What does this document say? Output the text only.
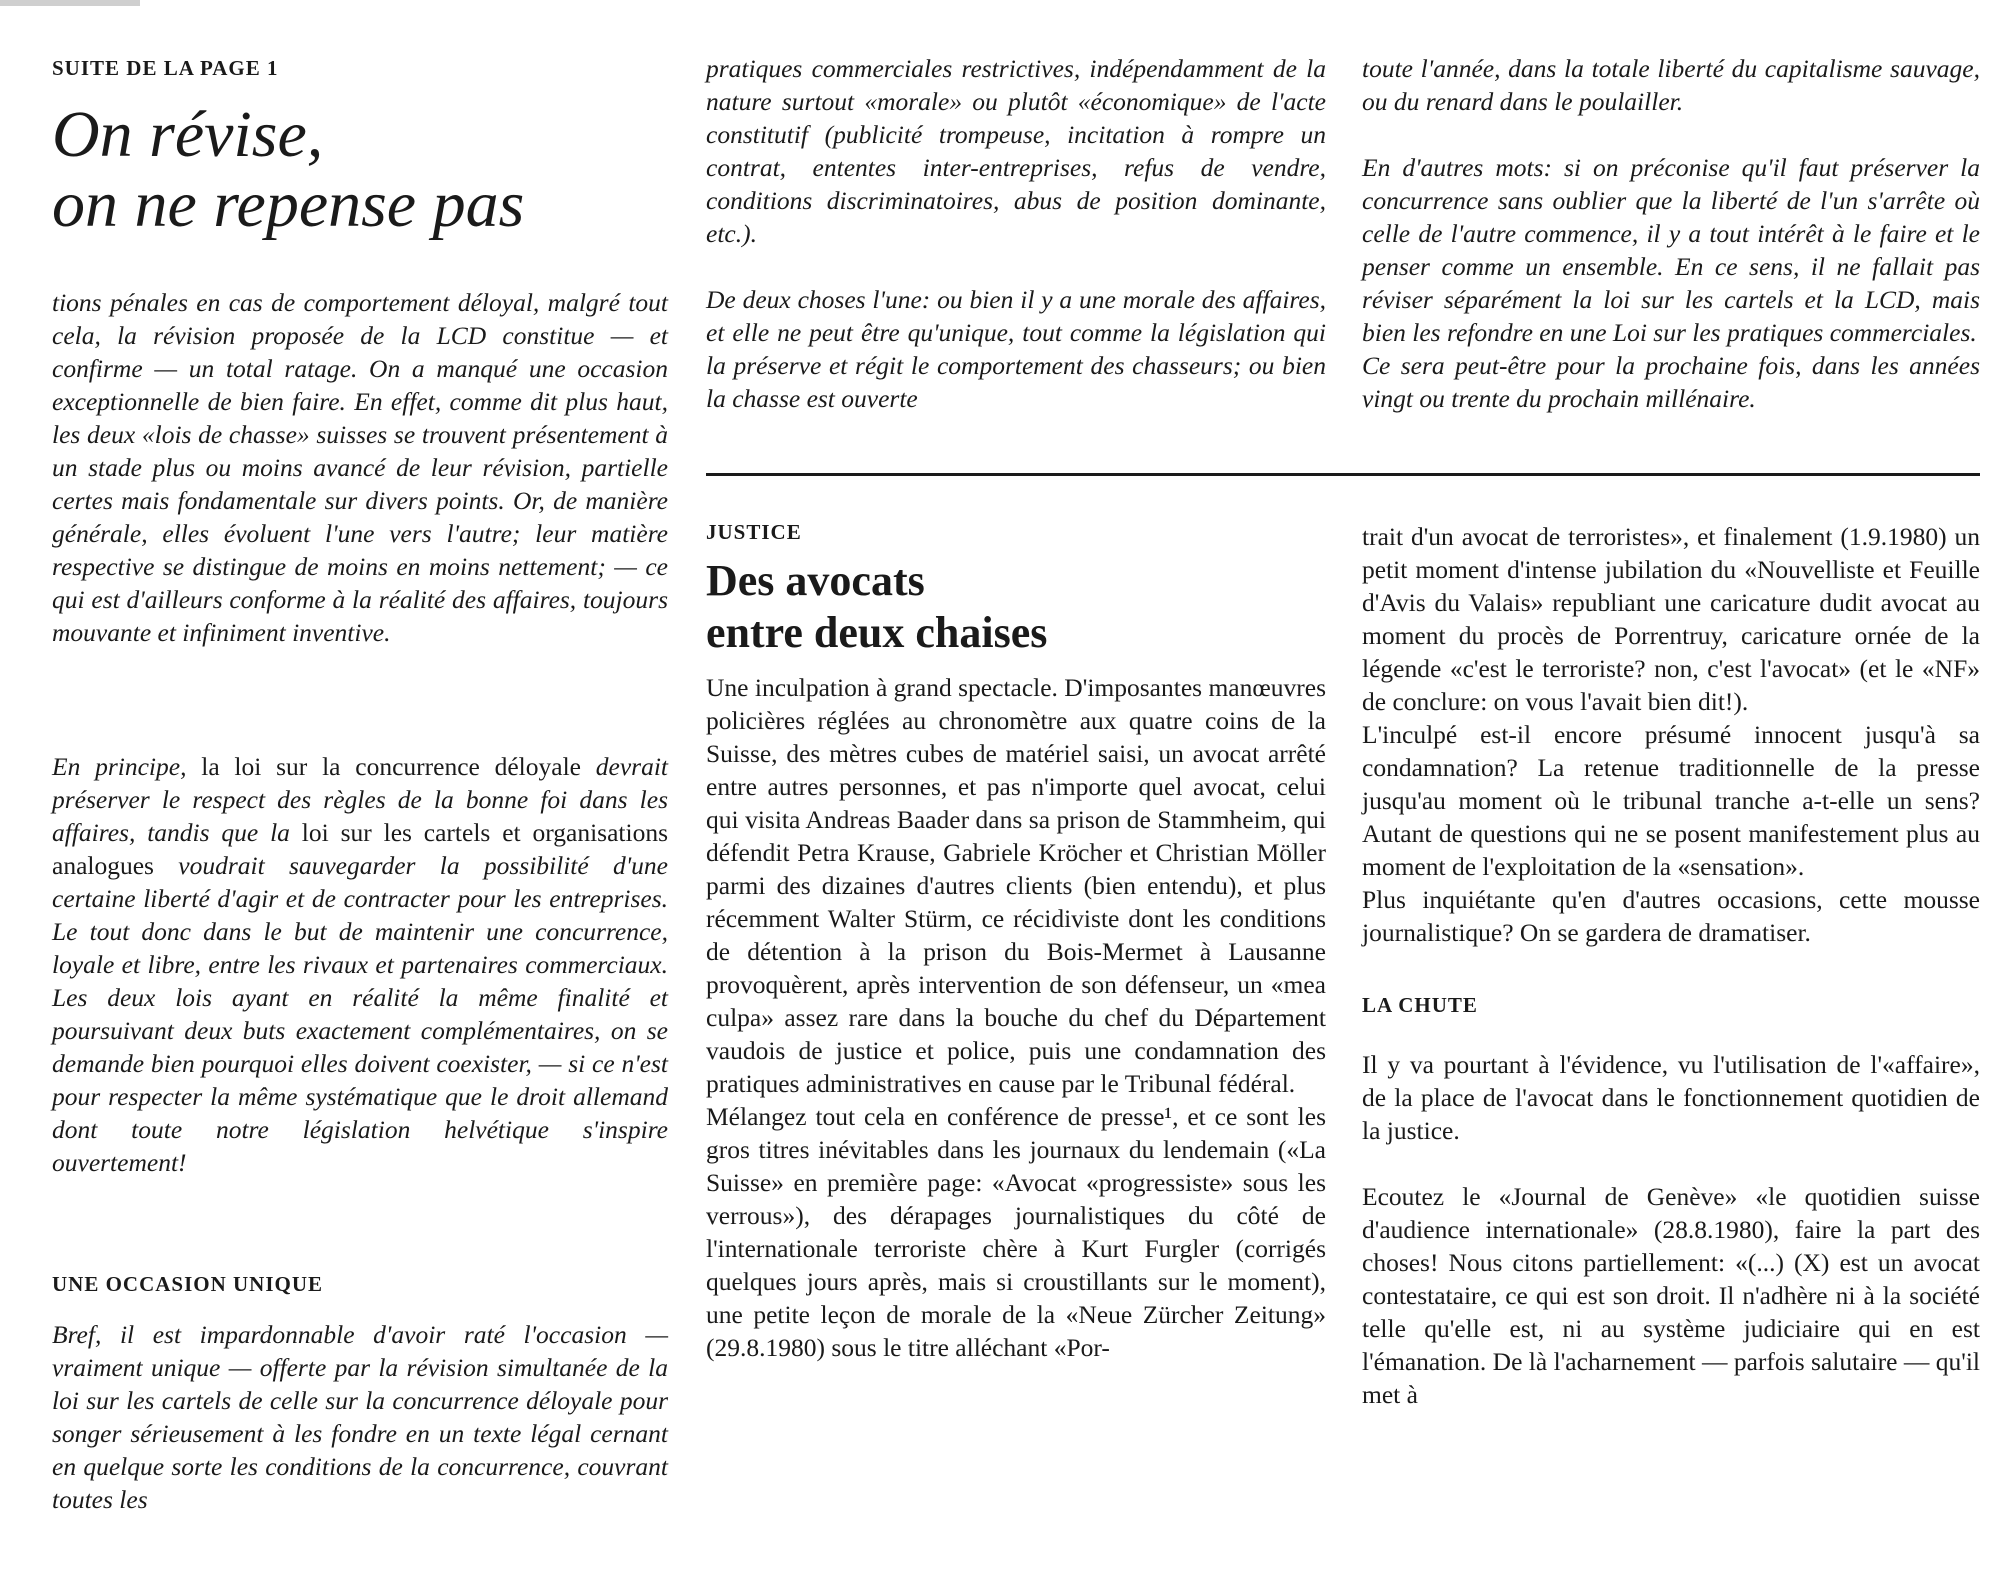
SUITE DE LA PAGE 1

On révise,

on ne repense pas

tions pénales en cas de comportement déloyal, malgré tout cela, la révision proposée de la LCD constitue — et confirme — un total ratage. On a manqué une occasion exceptionnelle de bien faire. En effet, comme dit plus haut, les deux «lois de chasse» suisses se trouvent présentement à un stade plus ou moins avancé de leur révision, partielle certes mais fondamentale sur divers points. Or, de manière générale, elles évoluent l'une vers l'autre; leur matière respective se distingue de moins en moins nettement; — ce qui est d'ailleurs conforme à la réalité des affaires, toujours mouvante et infiniment inventive.

En principe, la loi sur la concurrence déloyale devrait préserver le respect des règles de la bonne foi dans les affaires, tandis que la loi sur les cartels et organisations analogues voudrait sauvegarder la possibilité d'une certaine liberté d'agir et de contracter pour les entreprises. Le tout donc dans le but de maintenir une concurrence, loyale et libre, entre les rivaux et partenaires commerciaux. Les deux lois ayant en réalité la même finalité et poursuivant deux buts exactement complémentaires, on se demande bien pourquoi elles doivent coexister, — si ce n'est pour respecter la même systématique que le droit allemand dont toute notre législation helvétique s'inspire ouvertement!

UNE OCCASION UNIQUE

Bref, il est impardonnable d'avoir raté l'occasion — vraiment unique — offerte par la révision simultanée de la loi sur les cartels de celle sur la concurrence déloyale pour songer sérieusement à les fondre en un texte légal cernant en quelque sorte les conditions de la concurrence, couvrant toutes les

pratiques commerciales restrictives, indépendamment de la nature surtout «morale» ou plutôt «économique» de l'acte constitutif (publicité trompeuse, incitation à rompre un contrat, ententes inter-entreprises, refus de vendre, conditions discriminatoires, abus de position dominante, etc.).

De deux choses l'une: ou bien il y a une morale des affaires, et elle ne peut être qu'unique, tout comme la législation qui la préserve et régit le comportement des chasseurs; ou bien la chasse est ouverte

toute l'année, dans la totale liberté du capitalisme sauvage, ou du renard dans le poulailler.

En d'autres mots: si on préconise qu'il faut préserver la concurrence sans oublier que la liberté de l'un s'arrête où celle de l'autre commence, il y a tout intérêt à le faire et le penser comme un ensemble. En ce sens, il ne fallait pas réviser séparément la loi sur les cartels et la LCD, mais bien les refondre en une Loi sur les pratiques commerciales.

Ce sera peut-être pour la prochaine fois, dans les années vingt ou trente du prochain millénaire.

JUSTICE

Des avocats

entre deux chaises

Une inculpation à grand spectacle. D'imposantes manœuvres policières réglées au chronomètre aux quatre coins de la Suisse, des mètres cubes de matériel saisi, un avocat arrêté entre autres personnes, et pas n'importe quel avocat, celui qui visita Andreas Baader dans sa prison de Stammheim, qui défendit Petra Krause, Gabriele Kröcher et Christian Möller parmi des dizaines d'autres clients (bien entendu), et plus récemment Walter Stürm, ce récidiviste dont les conditions de détention à la prison du Bois-Mermet à Lausanne provoquèrent, après intervention de son défenseur, un «mea culpa» assez rare dans la bouche du chef du Département vaudois de justice et police, puis une condamnation des pratiques administratives en cause par le Tribunal fédéral.

Mélangez tout cela en conférence de presse¹, et ce sont les gros titres inévitables dans les journaux du lendemain («La Suisse» en première page: «Avocat «progressiste» sous les verrous»), des dérapages journalistiques du côté de l'internationale terroriste chère à Kurt Furgler (corrigés quelques jours après, mais si croustillants sur le moment), une petite leçon de morale de la «Neue Zürcher Zeitung» (29.8.1980) sous le titre alléchant «Por-

trait d'un avocat de terroristes», et finalement (1.9.1980) un petit moment d'intense jubilation du «Nouvelliste et Feuille d'Avis du Valais» republiant une caricature dudit avocat au moment du procès de Porrentruy, caricature ornée de la légende «c'est le terroriste? non, c'est l'avocat» (et le «NF» de conclure: on vous l'avait bien dit!).

L'inculpé est-il encore présumé innocent jusqu'à sa condamnation? La retenue traditionnelle de la presse jusqu'au moment où le tribunal tranche a-t-elle un sens? Autant de questions qui ne se posent manifestement plus au moment de l'exploitation de la «sensation».

Plus inquiétante qu'en d'autres occasions, cette mousse journalistique? On se gardera de dramatiser.

LA CHUTE

Il y va pourtant à l'évidence, vu l'utilisation de l'«affaire», de la place de l'avocat dans le fonctionnement quotidien de la justice.

Ecoutez le «Journal de Genève» «le quotidien suisse d'audience internationale» (28.8.1980), faire la part des choses! Nous citons partiellement: «(...) (X) est un avocat contestataire, ce qui est son droit. Il n'adhère ni à la société telle qu'elle est, ni au système judiciaire qui en est l'émanation. De là l'acharnement — parfois salutaire — qu'il met à
